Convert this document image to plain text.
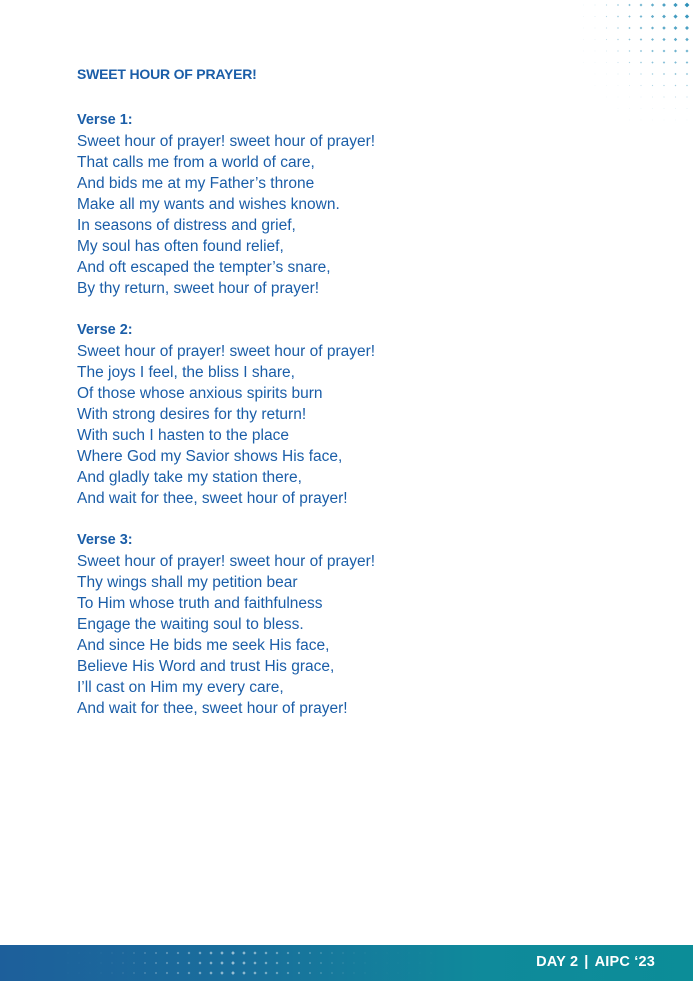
SWEET HOUR OF PRAYER!
Verse 1:
Sweet hour of prayer! sweet hour of prayer!
That calls me from a world of care,
And bids me at my Father’s throne
Make all my wants and wishes known.
In seasons of distress and grief,
My soul has often found relief,
And oft escaped the tempter’s snare,
By thy return, sweet hour of prayer!
Verse 2:
Sweet hour of prayer! sweet hour of prayer!
The joys I feel, the bliss I share,
Of those whose anxious spirits burn
With strong desires for thy return!
With such I hasten to the place
Where God my Savior shows His face,
And gladly take my station there,
And wait for thee, sweet hour of prayer!
Verse 3:
Sweet hour of prayer! sweet hour of prayer!
Thy wings shall my petition bear
To Him whose truth and faithfulness
Engage the waiting soul to bless.
And since He bids me seek His face,
Believe His Word and trust His grace,
I’ll cast on Him my every care,
And wait for thee, sweet hour of prayer!
DAY 2 | AIPC ‘23
